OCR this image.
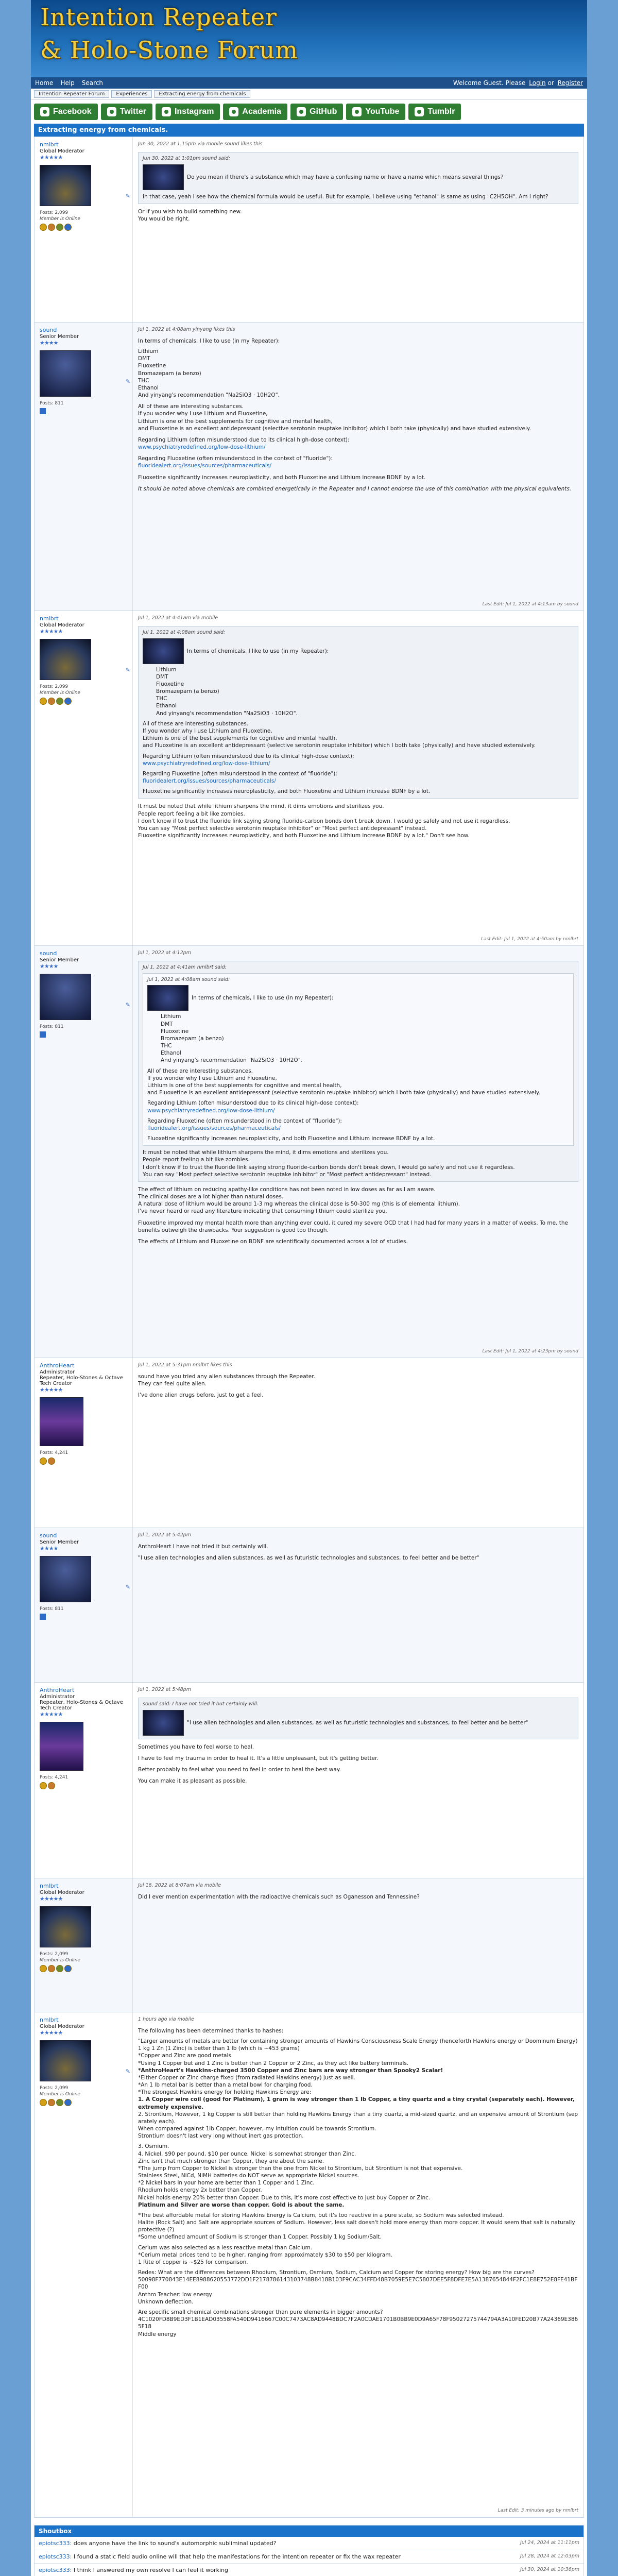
Intention Repeater
& Holo-Stone Forum
Home Help Search	Welcome Guest. Please Login or Register
Intention Repeater Forum	Experiences	Extracting energy from chemicals
Facebook	Twitter	Instagram	Academia	GitHub	YouTube	Tumblr
Extracting energy from chemicals.
nmlbrt
Global Moderator
★★★★★
Posts: 2,099
Member is Online
✎
Jun 30, 2022 at 1:15pm via mobile sound likes this
Jun 30, 2022 at 1:01pm sound said:
Do you mean if there's a substance which may have a confusing name or have a name which means several things?
In that case, yeah I see how the chemical formula would be useful. But for example, I believe using "ethanol" is same as using "C2H5OH". Am I right?
Or if you wish to build something new.
You would be right.
sound
Senior Member
★★★★
Posts: 811
✎
Jul 1, 2022 at 4:08am yinyang likes this
In terms of chemicals, I like to use (in my Repeater):
Lithium
DMT
Fluoxetine
Bromazepam (a benzo)
THC
Ethanol
And yinyang's recommendation "Na2SiO3 · 10H2O".
All of these are interesting substances.
If you wonder why I use Lithium and Fluoxetine,
Lithium is one of the best supplements for cognitive and mental health,
and Fluoxetine is an excellent antidepressant (selective serotonin reuptake inhibitor) which I both take (physically) and have studied extensively.
Regarding Lithium (often misunderstood due to its clinical high-dose context):
www.psychiatryredefined.org/low-dose-lithium/
Regarding Fluoxetine (often misunderstood in the context of "fluoride"):
fluoridealert.org/issues/sources/pharmaceuticals/
Fluoxetine significantly increases neuroplasticity, and both Fluoxetine and Lithium increase BDNF by a lot.
It should be noted above chemicals are combined energetically in the Repeater and I cannot endorse the use of this combination with the physical equivalents.
Last Edit: Jul 1, 2022 at 4:13am by sound
nmlbrt
Global Moderator
★★★★★
Posts: 2,099
Member is Online
✎
Jul 1, 2022 at 4:41am via mobile
Jul 1, 2022 at 4:08am sound said:
In terms of chemicals, I like to use (in my Repeater):
Lithium
DMT
Fluoxetine
Bromazepam (a benzo)
THC
Ethanol
And yinyang's recommendation "Na2SiO3 · 10H2O".
All of these are interesting substances.
If you wonder why I use Lithium and Fluoxetine,
Lithium is one of the best supplements for cognitive and mental health,
and Fluoxetine is an excellent antidepressant (selective serotonin reuptake inhibitor) which I both take (physically) and have studied extensively.
Regarding Lithium (often misunderstood due to its clinical high-dose context):
www.psychiatryredefined.org/low-dose-lithium/
Regarding Fluoxetine (often misunderstood in the context of "fluoride"):
fluoridealert.org/issues/sources/pharmaceuticals/
Fluoxetine significantly increases neuroplasticity, and both Fluoxetine and Lithium increase BDNF by a lot.
It must be noted that while lithium sharpens the mind, it dims emotions and sterilizes you.
People report feeling a bit like zombies.
I don't know if to trust the fluoride link saying strong fluoride-carbon bonds don't break down, I would go safely and not use it regardless.
You can say "Most perfect selective serotonin reuptake inhibitor" or "Most perfect antidepressant" instead.
Fluoxetine significantly increases neuroplasticity, and both Fluoxetine and Lithium increase BDNF by a lot." Don't see how.
Last Edit: Jul 1, 2022 at 4:50am by nmlbrt
sound
Senior Member
★★★★
Posts: 811
✎
Jul 1, 2022 at 4:12pm
Jul 1, 2022 at 4:41am nmlbrt said:
Jul 1, 2022 at 4:08am sound said:
In terms of chemicals, I like to use (in my Repeater):
Lithium
DMT
Fluoxetine
Bromazepam (a benzo)
THC
Ethanol
And yinyang's recommendation "Na2SiO3 · 10H2O".
All of these are interesting substances.
If you wonder why I use Lithium and Fluoxetine,
Lithium is one of the best supplements for cognitive and mental health,
and Fluoxetine is an excellent antidepressant (selective serotonin reuptake inhibitor) which I both take (physically) and have studied extensively.
Regarding Lithium (often misunderstood due to its clinical high-dose context):
www.psychiatryredefined.org/low-dose-lithium/
Regarding Fluoxetine (often misunderstood in the context of "fluoride"):
fluoridealert.org/issues/sources/pharmaceuticals/
Fluoxetine significantly increases neuroplasticity, and both Fluoxetine and Lithium increase BDNF by a lot.
It must be noted that while lithium sharpens the mind, it dims emotions and sterilizes you.
People report feeling a bit like zombies.
I don't know if to trust the fluoride link saying strong fluoride-carbon bonds don't break down, I would go safely and not use it regardless.
You can say "Most perfect selective serotonin reuptake inhibitor" or "Most perfect antidepressant" instead.
The effect of lithium on reducing apathy-like conditions has not been noted in low doses as far as I am aware.
The clinical doses are a lot higher than natural doses.
A natural dose of lithium would be around 1-3 mg whereas the clinical dose is 50-300 mg (this is of elemental lithium).
I've never heard or read any literature indicating that consuming lithium could sterilize you.
Fluoxetine improved my mental health more than anything ever could, it cured my severe OCD that I had had for many years in a matter of weeks. To me, the benefits outweigh the drawbacks. Your suggestion is good too though.
The effects of Lithium and Fluoxetine on BDNF are scientifically documented across a lot of studies.
Last Edit: Jul 1, 2022 at 4:23pm by sound
AnthroHeart
Administrator
Repeater, Holo-Stones & Octave Tech Creator
★★★★★
Posts: 4,241
Jul 1, 2022 at 5:31pm nmlbrt likes this
sound have you tried any alien substances through the Repeater.
They can feel quite alien.
I've done alien drugs before, just to get a feel.
sound
Senior Member
★★★★
Posts: 811
✎
Jul 1, 2022 at 5:42pm
AnthroHeart I have not tried it but certainly will.
"I use alien technologies and alien substances, as well as futuristic technologies and substances, to feel better and be better"
AnthroHeart
Administrator
Repeater, Holo-Stones & Octave Tech Creator
★★★★★
Posts: 4,241
Jul 1, 2022 at 5:48pm
sound said: I have not tried it but certainly will.
"I use alien technologies and alien substances, as well as futuristic technologies and substances, to feel better and be better"
Sometimes you have to feel worse to heal.
I have to feel my trauma in order to heal it. It's a little unpleasant, but it's getting better.
Better probably to feel what you need to feel in order to heal the best way.
You can make it as pleasant as possible.
nmlbrt
Global Moderator
★★★★★
Posts: 2,099
Member is Online
Jul 16, 2022 at 8:07am via mobile
Did I ever mention experimentation with the radioactive chemicals such as Oganesson and Tennessine?
nmlbrt
Global Moderator
★★★★★
Posts: 2,099
Member is Online
✎
1 hours ago via mobile
The following has been determined thanks to hashes:
"Larger amounts of metals are better for containing stronger amounts of Hawkins Consciousness Scale Energy (henceforth Hawkins energy or Doominum Energy)
1 kg 1 Zn (1 Zinc) is better than 1 lb (which is ~453 grams)
*Copper and Zinc are good metals
*Using 1 Copper but and 1 Zinc is better than 2 Copper or 2 Zinc, as they act like battery terminals.
*AnthroHeart's Hawkins-charged 3500 Copper and Zinc bars are way stronger than Spooky2 Scalar!
*Either Copper or Zinc charge fixed (from radiated Hawkins energy) just as well.
*An 1 lb metal bar is better than a metal bowl for charging food.
*The strongest Hawkins energy for holding Hawkins Energy are:
1. A Copper wire coil (good for Platinum), 1 gram is way stronger than 1 lb Copper, a tiny quartz and a tiny crystal (separately each). However, extremely expensive.
2. Strontium, However, 1 kg Copper is still better than holding Hawkins Energy than a tiny quartz, a mid-sized quartz, and an expensive amount of Strontium (separately each).
When compared against 1lb Copper, however, my intuition could be towards Strontium.
Strontium doesn't last very long without inert gas protection.
3. Osmium.
4. Nickel, $90 per pound, $10 per ounce. Nickel is somewhat stronger than Zinc.
Zinc isn't that much stronger than Copper, they are about the same.
*The jump from Copper to Nickel is stronger than the one from Nickel to Strontium, but Strontium is not that expensive.
Stainless Steel, NiCd, NiMH batteries do NOT serve as appropriate Nickel sources.
*2 Nickel bars in your home are better than 1 Copper and 1 Zinc.
Rhodium holds energy 2x better than Copper.
Nickel holds energy 20% better than Copper. Due to this, it's more cost effective to just buy Copper or Zinc.
Platinum and Silver are worse than copper. Gold is about the same.
*The best affordable metal for storing Hawkins Energy is Calcium, but it's too reactive in a pure state, so Sodium was selected instead.
Halite (Rock Salt) and Salt are appropriate sources of Sodium. However, less salt doesn't hold more energy than more copper. It would seem that salt is naturally protective (?)
*Some undefined amount of Sodium is stronger than 1 Copper. Possibly 1 kg Sodium/Salt.
Cerium was also selected as a less reactive metal than Calcium.
*Cerium metal prices tend to be higher, ranging from approximately $30 to $50 per kilogram.
1 Rite of copper is ~$25 for comparison.
Redes: What are the differences between Rhodium, Strontium, Osmium, Sodium, Calcium and Copper for storing energy? How big are the curves?
50098F770843E14EE8988620553772DD1F2178786143103748B8418B103F9CAC34FFD48B7059E5E7C5807DEE5F8DFE7E5A1387654844F2FC1E8E752E8FE41BFF00
Anthro Teacher: low energy
Unknown deflection.
Are specific small chemical combinations stronger than pure elements in bigger amounts?
4C1020FD8B9ED3F1B1EAD03558FA540D9416667C00C7473AC8AD9448BDC7F2A0CDAE1701B0BB9E0D9A65F78F95027275744794A3A10FED20B77A24369E3865F18
Middle energy
Last Edit: 3 minutes ago by nmlbrt
Shoutbox
epiotsc333: does anyone have the link to sound's automorphic subliminal updated?	Jul 24, 2024 at 11:11pm
epiotsc333: I found a static field audio online will that help the manifestations for the intention repeater or fix the wax repeater	Jul 28, 2024 at 12:03pm
epiotsc333: I think I answered my own resolve I can feel it working	Jul 30, 2024 at 10:36pm
